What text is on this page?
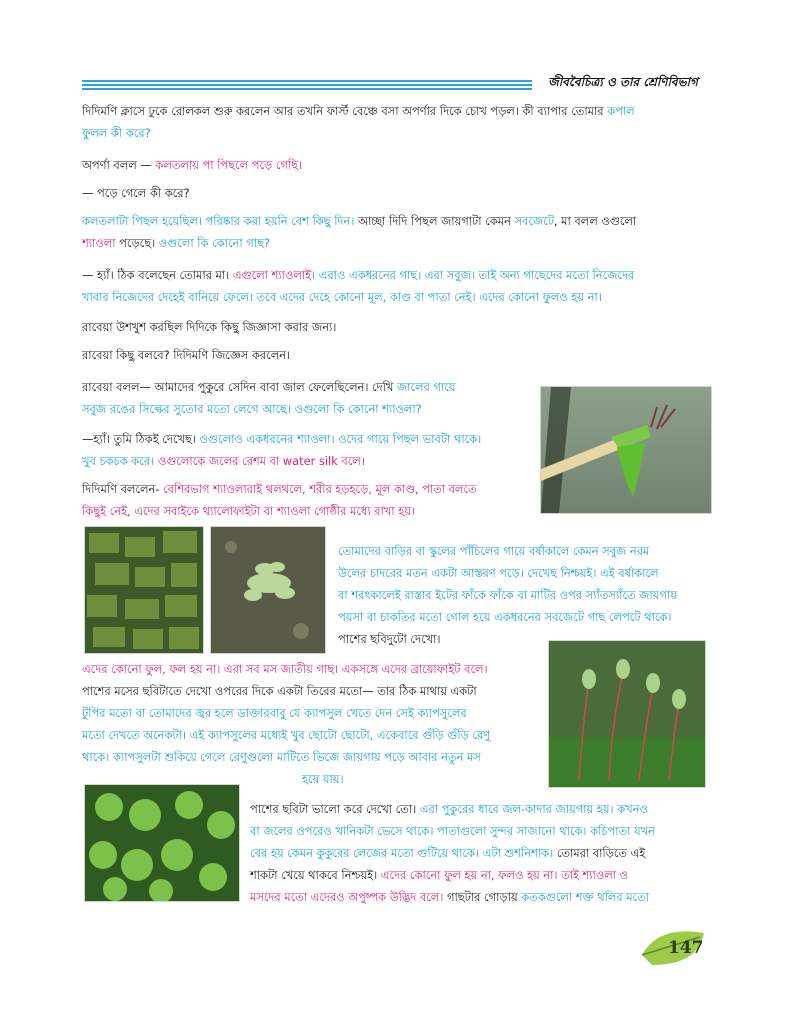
জীববৈচিত্র্য ও তার শ্রেণিবিভাগ
দিদিমণি ক্লাসে ঢুকে রোলকল শুরু করলেন আর তখনি ফার্স্ট বেঞ্চে বসা অপর্ণার দিকে চোখ পড়ল। কী ব্যাপার তোমার কপাল
ফুলল কী করে?
অপর্ণা বলল — কলতলায় পা পিছলে পড়ে গেছি।
— পড়ে গেলে কী করে?
কলতলাটা পিছল হয়েছিল। পরিষ্কার করা হয়নি বেশ কিছু দিন। আচ্ছা দিদি পিছল জায়গাটা কেমন সবজেটে, মা বলল ওগুলো
শ্যাওলা পড়েছে। ওগুলো কি কোনো গাছ?
— হ্যাঁ। ঠিক বলেছেন তোমার মা। এগুলো শ্যাওলাই। এরাও একধরনের গাছ। এরা সবুজ। তাই অন্য গাছেদের মতো নিজেদের
খাবার নিজেদের দেহেই বানিয়ে ফেলে। তবে এদের দেহে কোনো মূল, কাণ্ড বা পাতা নেই। এদের কোনো ফুলও হয় না।
রাবেয়া উশখুশ করছিল দিদিকে কিছু জিজ্ঞাসা করার জন্য।
রাবেয়া কিছু বলবে? দিদিমণি জিজ্ঞেস করলেন।
রাবেয়া বলল— আমাদের পুকুরে সেদিন বাবা জাল ফেলেছিলেন। দেখি জালের গায়ে
সবুজ রঙের সিল্কের সুতোর মতো লেগে আছে। ওগুলো কি কোনো শ্যাওলা?
—হ্যাঁ। তুমি ঠিকই দেখেছ। ওগুলোও একধরনের শ্যাওলা। ওদের গায়ে পিছল ভাবটা থাকে।
খুব চকচক করে। ওগুলোকে জলের রেশম বা water silk বলে।
দিদিমণি বললেন- বেশিরভাগ শ্যাওলারাই থলথলে, শরীর হড়হড়ে, মূল কাণ্ড, পাতা বলতে
কিছুই নেই, এদের সবাইকে থ্যালোফাইটা বা শ্যাওলা গোষ্ঠীর মধ্যে রাখা হয়।
তোমাদের বাড়ির বা স্কুলের পাঁচিলের গায়ে বর্ষাকালে কেমন সবুজ নরম
উলের চাদরের মতন একটা আস্তরণ পড়ে। দেখেছ নিশ্চয়ই। এই বর্ষাকালে
বা শরৎকালেই রাস্তার ইটের ফাঁকে ফাঁকে বা মাটির ওপর স্যাঁতস্যাঁতে জায়গায়
পয়সা বা চাকতির মতো গোল হয়ে একধরনের সবজেটে গাছ লেপটে থাকে।
পাশের ছবিদুটো দেখো।
এদের কোনো ফুল, ফল হয় না। এরা সব মস জাতীয় গাছ। একসঙ্গে এদের ব্রায়োফাইট বলে।
পাশের মসের ছবিটাতে দেখো ওপরের দিকে একটা তিরের মতো— তার ঠিক মাথায় একটা
টুপির মতো বা তোমাদের জ্বর হলে ডাক্তারবাবু যে ক্যাপসুল খেতে দেন সেই ক্যাপসুলের
মতো দেখতে অনেকটা। এই ক্যাপসুলের মধ্যেই খুব ছোটো ছোটো, একেবারে গুঁড়ি গুঁড়ি রেণু
থাকে। ক্যাপসুলটা শুকিয়ে গেলে রেণুগুলো মাটিতে ভিজে জায়গায় পড়ে আবার নতুন মস
হয়ে যায়।
পাশের ছবিটা ভালো করে দেখো তো। এরা পুকুরের ধারে জল-কাদার জায়গায় হয়। কখনও
বা জলের ওপরেও খানিকটা ভেসে থাকে। পাতাগুলো সুন্দর সাজানো থাকে। কচিপাতা যখন
বের হয় কেমন কুকুরের লেজের মতো গুটিয়ে থাকে। এটা শুশনিশাক। তোমরা বাড়িতে এই
শাকটা খেয়ে থাকবে নিশ্চয়ই। এদের কোনো ফুল হয় না, ফলও হয় না। তাই শ্যাওলা ও
মসদের মতো এদেরও অপুষ্পক উদ্ভিদ বলে। গাছটার গোড়ায় কতকগুলো শক্ত থলির মতো
147
